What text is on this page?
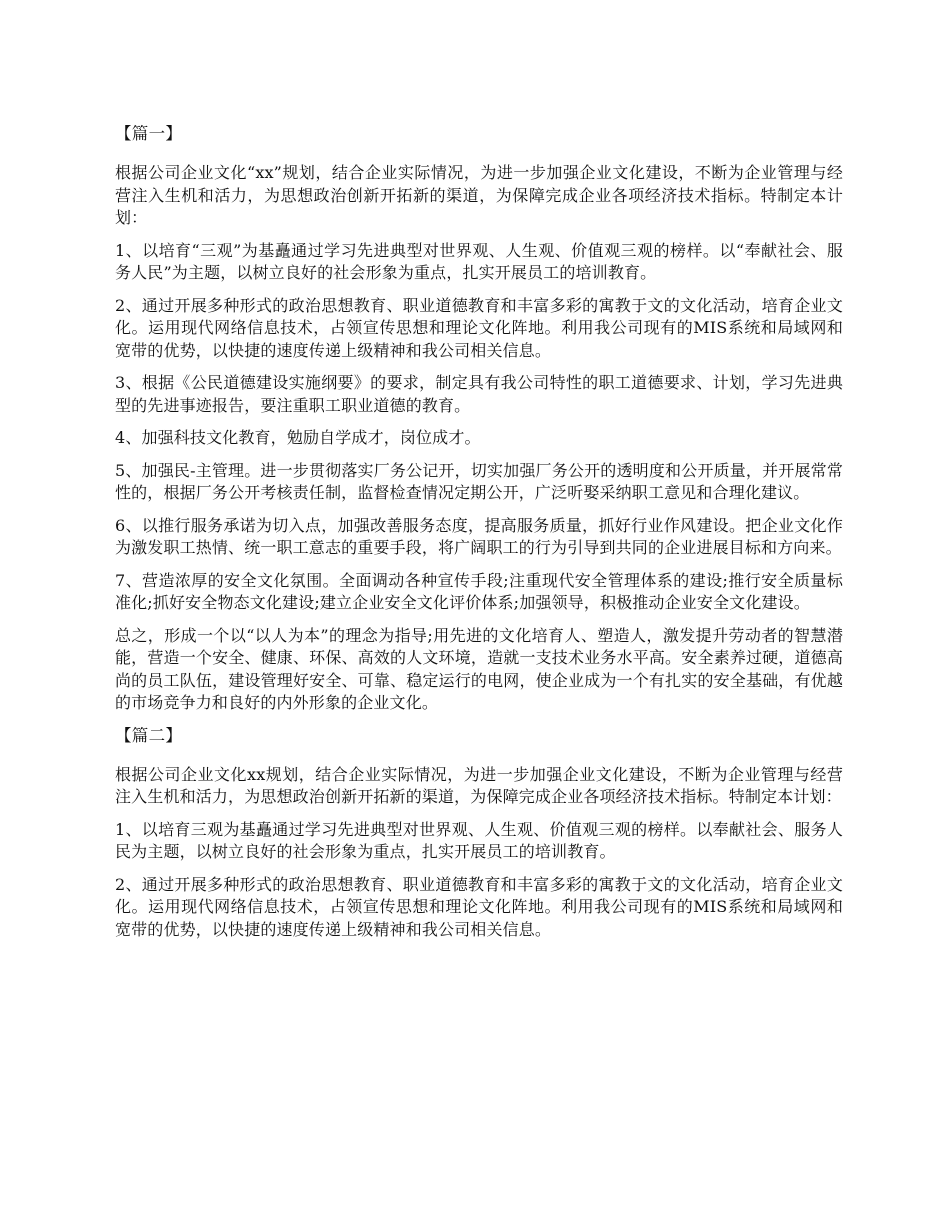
【篇一】

根据公司企业文化“xx”规划，结合企业实际情况，为进一步加强企业文化建设，不断为企业管理与经营注入生机和活力，为思想政治创新开拓新的渠道，为保障完成企业各项经济技术指标。特制定本计划：

1、以培育“三观”为基矗通过学习先进典型对世界观、人生观、价值观三观的榜样。以“奉献社会、服务人民”为主题，以树立良好的社会形象为重点，扎实开展员工的培训教育。

2、通过开展多种形式的政治思想教育、职业道德教育和丰富多彩的寓教于文的文化活动，培育企业文化。运用现代网络信息技术，占领宣传思想和理论文化阵地。利用我公司现有的MIS系统和局域网和宽带的优势，以快捷的速度传递上级精神和我公司相关信息。

3、根据《公民道德建设实施纲要》的要求，制定具有我公司特性的职工道德要求、计划，学习先进典型的先进事迹报告，要注重职工职业道德的教育。

4、加强科技文化教育，勉励自学成才，岗位成才。

5、加强民-主管理。进一步贯彻落实厂务公记开，切实加强厂务公开的透明度和公开质量，并开展常常性的，根据厂务公开考核责任制，监督检查情况定期公开，广泛听娶采纳职工意见和合理化建议。

6、以推行服务承诺为切入点，加强改善服务态度，提高服务质量，抓好行业作风建设。把企业文化作为激发职工热情、统一职工意志的重要手段，将广阔职工的行为引导到共同的企业进展目标和方向来。

7、营造浓厚的安全文化氛围。全面调动各种宣传手段;注重现代安全管理体系的建设;推行安全质量标准化;抓好安全物态文化建设;建立企业安全文化评价体系;加强领导，积极推动企业安全文化建设。

总之，形成一个以“以人为本”的理念为指导;用先进的文化培育人、塑造人，激发提升劳动者的智慧潜能，营造一个安全、健康、环保、高效的人文环境，造就一支技术业务水平高。安全素养过硬，道德高尚的员工队伍，建设管理好安全、可靠、稳定运行的电网，使企业成为一个有扎实的安全基础，有优越的市场竞争力和良好的内外形象的企业文化。

【篇二】

根据公司企业文化xx规划，结合企业实际情况，为进一步加强企业文化建设，不断为企业管理与经营注入生机和活力，为思想政治创新开拓新的渠道，为保障完成企业各项经济技术指标。特制定本计划：

1、以培育三观为基矗通过学习先进典型对世界观、人生观、价值观三观的榜样。以奉献社会、服务人民为主题，以树立良好的社会形象为重点，扎实开展员工的培训教育。

2、通过开展多种形式的政治思想教育、职业道德教育和丰富多彩的寓教于文的文化活动，培育企业文化。运用现代网络信息技术，占领宣传思想和理论文化阵地。利用我公司现有的MIS系统和局域网和宽带的优势，以快捷的速度传递上级精神和我公司相关信息。
